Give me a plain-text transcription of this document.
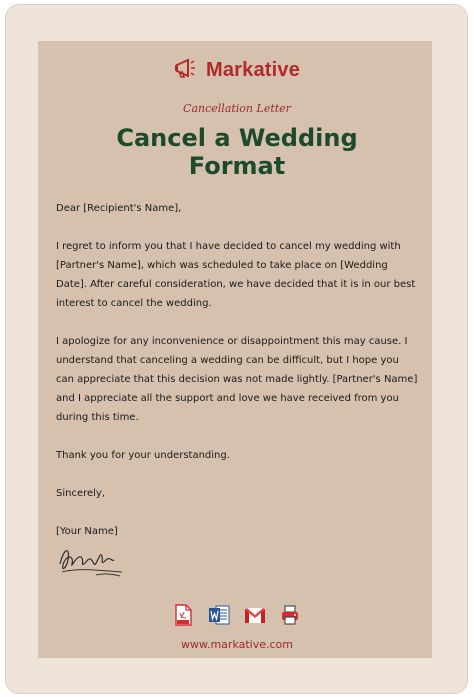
Markative
Cancellation Letter
Cancel a Wedding Format

Dear [Recipient's Name],

I regret to inform you that I have decided to cancel my wedding with [Partner's Name], which was scheduled to take place on [Wedding Date]. After careful consideration, we have decided that it is in our best interest to cancel the wedding.

I apologize for any inconvenience or disappointment this may cause. I understand that canceling a wedding can be difficult, but I hope you can appreciate that this decision was not made lightly. [Partner's Name] and I appreciate all the support and love we have received from you during this time.

Thank you for your understanding.

Sincerely,

[Your Name]

www.markative.com
